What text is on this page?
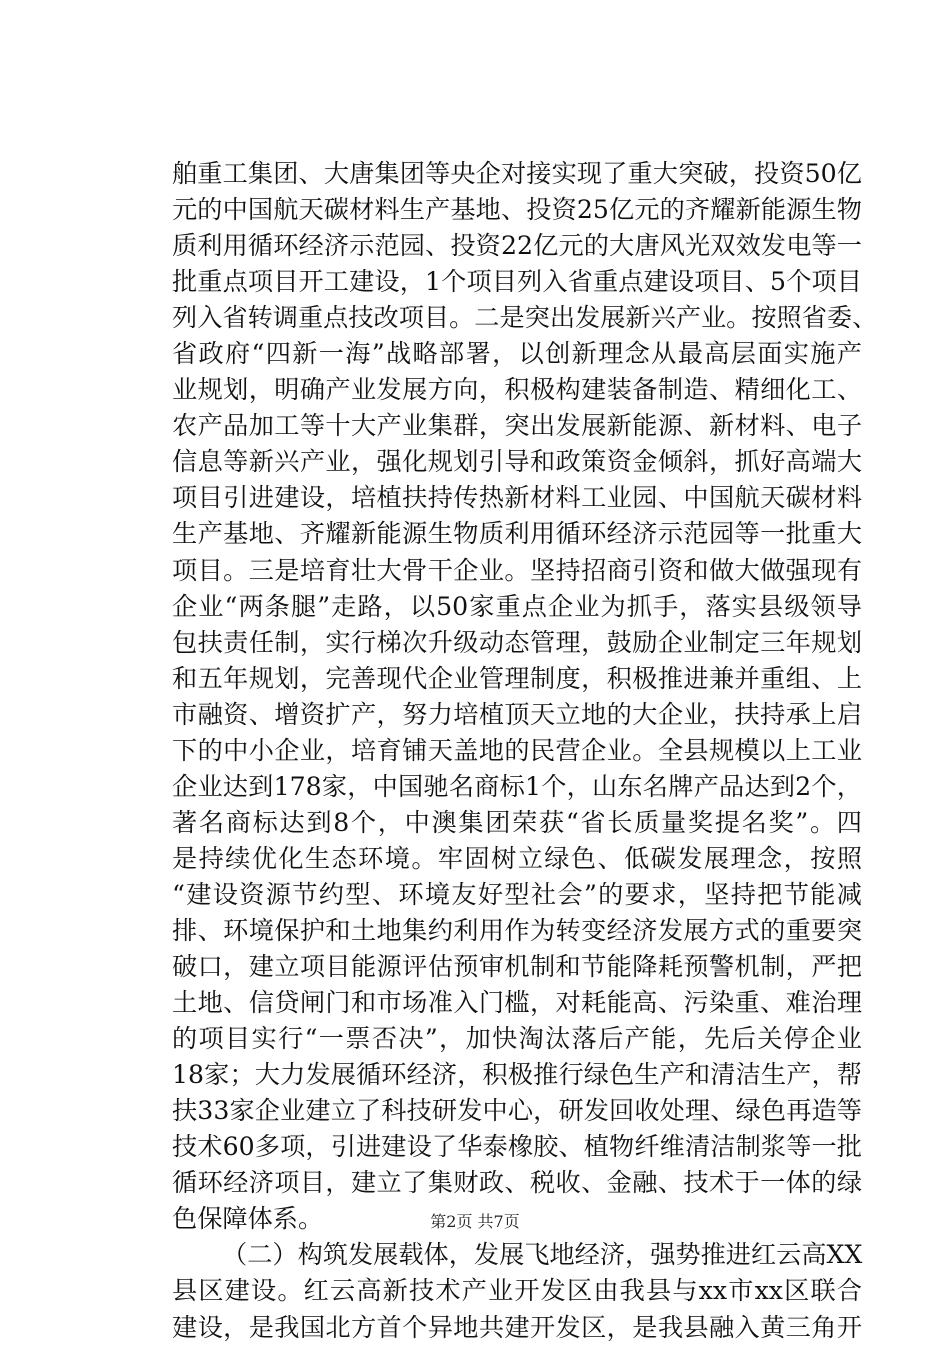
舶重工集团、大唐集团等央企对接实现了重大突破，投资50亿
元的中国航天碳材料生产基地、投资25亿元的齐耀新能源生物
质利用循环经济示范园、投资22亿元的大唐风光双效发电等一
批重点项目开工建设，1个项目列入省重点建设项目、5个项目
列入省转调重点技改项目。二是突出发展新兴产业。按照省委、
省政府“四新一海”战略部署，以创新理念从最高层面实施产
业规划，明确产业发展方向，积极构建装备制造、精细化工、
农产品加工等十大产业集群，突出发展新能源、新材料、电子
信息等新兴产业，强化规划引导和政策资金倾斜，抓好高端大
项目引进建设，培植扶持传热新材料工业园、中国航天碳材料
生产基地、齐耀新能源生物质利用循环经济示范园等一批重大
项目。三是培育壮大骨干企业。坚持招商引资和做大做强现有
企业“两条腿”走路，以50家重点企业为抓手，落实县级领导
包扶责任制，实行梯次升级动态管理，鼓励企业制定三年规划
和五年规划，完善现代企业管理制度，积极推进兼并重组、上
市融资、增资扩产，努力培植顶天立地的大企业，扶持承上启
下的中小企业，培育铺天盖地的民营企业。全县规模以上工业
企业达到178家，中国驰名商标1个，山东名牌产品达到2个，
著名商标达到8个，中澳集团荣获“省长质量奖提名奖”。四
是持续优化生态环境。牢固树立绿色、低碳发展理念，按照
“建设资源节约型、环境友好型社会”的要求，坚持把节能减
排、环境保护和土地集约利用作为转变经济发展方式的重要突
破口，建立项目能源评估预审机制和节能降耗预警机制，严把
土地、信贷闸门和市场准入门槛，对耗能高、污染重、难治理
的项目实行“一票否决”，加快淘汰落后产能，先后关停企业
18家；大力发展循环经济，积极推行绿色生产和清洁生产，帮
扶33家企业建立了科技研发中心，研发回收处理、绿色再造等
技术60多项，引进建设了华泰橡胶、植物纤维清洁制浆等一批
循环经济项目，建立了集财政、税收、金融、技术于一体的绿
色保障体系。
（二）构筑发展载体，发展飞地经济，强势推进红云高XX
县区建设。红云高新技术产业开发区由我县与xx市xx区联合
建设，是我国北方首个异地共建开发区，是我县融入黄三角开
第2页 共7页
